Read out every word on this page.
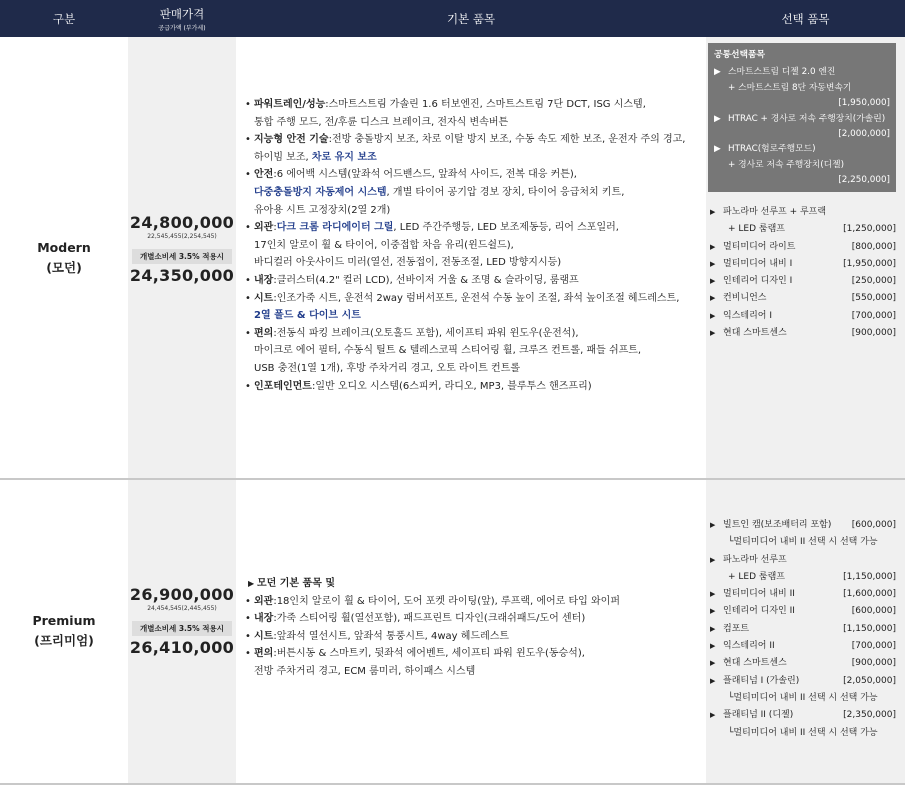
구분	판매가격
공급가액 (부가세)
기본 품목	선택 품목
Modern
(모던)
24,800,000
22,545,455(2,254,545)
개별소비세 3.5% 적용시
24,350,000
• 파워트레인/성능:스마트스트림 가솔린 1.6 터보엔진, 스마트스트림 7단 DCT, ISG 시스템,
통합 주행 모드, 전/후륜 디스크 브레이크, 전자식 변속버튼
• 지능형 안전 기술:전방 충돌방지 보조, 차로 이탈 방지 보조, 수동 속도 제한 보조, 운전자 주의 경고,
하이빔 보조, 차로 유지 보조
• 안전:6 에어백 시스템(앞좌석 어드밴스드, 앞좌석 사이드, 전복 대응 커튼),
다중충돌방지 자동제어 시스템, 개별 타이어 공기압 경보 장치, 타이어 응급처치 키트,
유아용 시트 고정장치(2열 2개)
• 외관:다크 크롬 라디에이터 그릴, LED 주간주행등, LED 보조제동등, 리어 스포일러,
17인치 알로이 휠 & 타이어, 이중접합 차음 유리(윈드쉴드),
바디컬러 아웃사이드 미러(열선, 전동접이, 전동조절, LED 방향지시등)
• 내장:클러스터(4.2" 컬러 LCD), 선바이저 거울 & 조명 & 슬라이딩, 룸램프
• 시트:인조가죽 시트, 운전석 2way 럼버서포트, 운전석 수동 높이 조절, 좌석 높이조절 헤드레스트,
2열 폴드 & 다이브 시트
• 편의:전동식 파킹 브레이크(오토홀드 포함), 세이프티 파워 윈도우(운전석),
마이크로 에어 필터, 수동식 틸트 & 텔레스코픽 스티어링 휠, 크루즈 컨트롤, 패들 쉬프트,
USB 충전(1열 1개), 후방 주차거리 경고, 오토 라이트 컨트롤
• 인포테인먼트:일반 오디오 시스템(6스피커, 라디오, MP3, 블루투스 핸즈프리)
공통선택품목
▶ 스마트스트림 디젤 2.0 엔진
+ 스마트스트림 8단 자동변속기
[1,950,000]
▶ HTRAC + 경사로 저속 주행장치(가솔린)
[2,000,000]
▶ HTRAC(험로주행모드)
+ 경사로 저속 주행장치(디젤)
[2,250,000]
▶ 파노라마 선루프 + 루프랙
+ LED 룸램프	[1,250,000]
▶ 멀티미디어 라이트	[800,000]
▶ 멀티미디어 내비 Ⅰ	[1,950,000]
▶ 인테리어 디자인 Ⅰ	[250,000]
▶ 컨비니언스	[550,000]
▶ 익스테리어 Ⅰ	[700,000]
▶ 현대 스마트센스	[900,000]
Premium
(프리미엄)
26,900,000
24,454,545(2,445,455)
개별소비세 3.5% 적용시
26,410,000
▶ 모던 기본 품목 및
• 외관:18인치 알로이 휠 & 타이어, 도어 포켓 라이팅(앞), 루프랙, 에어로 타입 와이퍼
• 내장:가죽 스티어링 휠(열선포함), 패드프린트 디자인(크래쉬패드/도어 센터)
• 시트:앞좌석 열선시트, 앞좌석 통풍시트, 4way 헤드레스트
• 편의:버튼시동 & 스마트키, 뒷좌석 에어벤트, 세이프티 파워 윈도우(동승석),
전방 주차거리 경고, ECM 룸미러, 하이패스 시스템
▶ 빌트인 캠(보조배터리 포함) [600,000]
└멀티미디어 내비 II 선택 시 선택 가능
▶ 파노라마 선루프
+ LED 룸램프	[1,150,000]
▶ 멀티미디어 내비 II	[1,600,000]
▶ 인테리어 디자인 II	[600,000]
▶ 컴포트	[1,150,000]
▶ 익스테리어 II	[700,000]
▶ 현대 스마트센스	[900,000]
▶ 플래티넘 Ⅰ (가솔린)	[2,050,000]
└멀티미디어 내비 II 선택 시 선택 가능
▶ 플래티넘 II (디젤)	[2,350,000]
└멀티미디어 내비 II 선택 시 선택 가능
